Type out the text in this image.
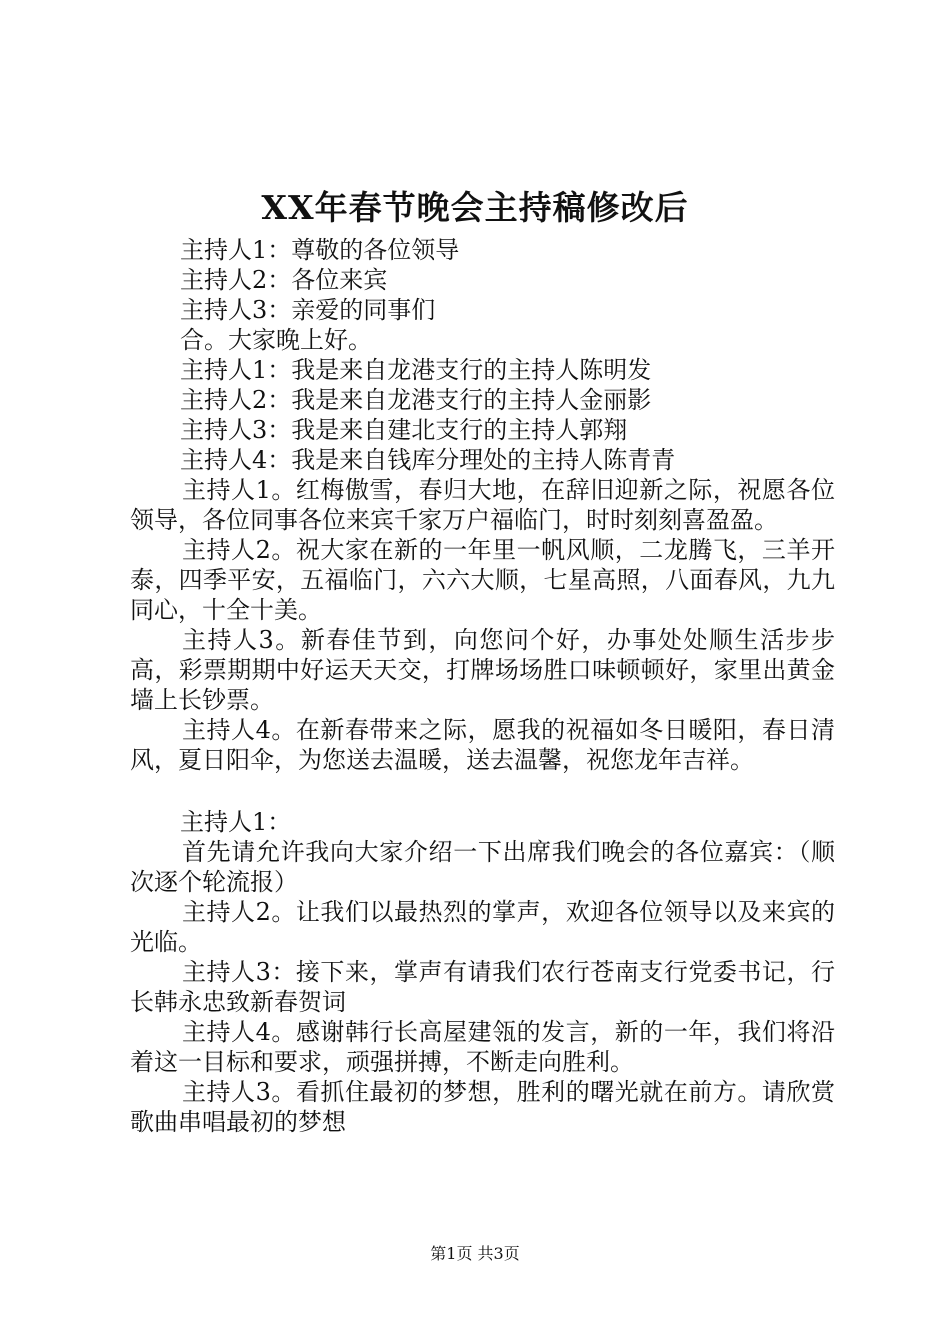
XX年春节晚会主持稿修改后

主持人1：尊敬的各位领导

主持人2：各位来宾

主持人3：亲爱的同事们

合。大家晚上好。

主持人1：我是来自龙港支行的主持人陈明发

主持人2：我是来自龙港支行的主持人金丽影

主持人3：我是来自建北支行的主持人郭翔

主持人4：我是来自钱库分理处的主持人陈青青

主持人1。红梅傲雪，春归大地，在辞旧迎新之际，祝愿各位领导，各位同事各位来宾千家万户福临门，时时刻刻喜盈盈。

主持人2。祝大家在新的一年里一帆风顺，二龙腾飞，三羊开泰，四季平安，五福临门，六六大顺，七星高照，八面春风，九九同心，十全十美。

主持人3。新春佳节到，向您问个好，办事处处顺生活步步高，彩票期期中好运天天交，打牌场场胜口味顿顿好，家里出黄金墙上长钞票。

主持人4。在新春带来之际，愿我的祝福如冬日暖阳，春日清风，夏日阳伞，为您送去温暖，送去温馨，祝您龙年吉祥。

主持人1：

首先请允许我向大家介绍一下出席我们晚会的各位嘉宾：（顺次逐个轮流报）

主持人2。让我们以最热烈的掌声，欢迎各位领导以及来宾的光临。

主持人3：接下来，掌声有请我们农行苍南支行党委书记，行长韩永忠致新春贺词

主持人4。感谢韩行长高屋建瓴的发言，新的一年，我们将沿着这一目标和要求，顽强拼搏，不断走向胜利。

主持人3。看抓住最初的梦想，胜利的曙光就在前方。请欣赏歌曲串唱最初的梦想

第1页 共3页
